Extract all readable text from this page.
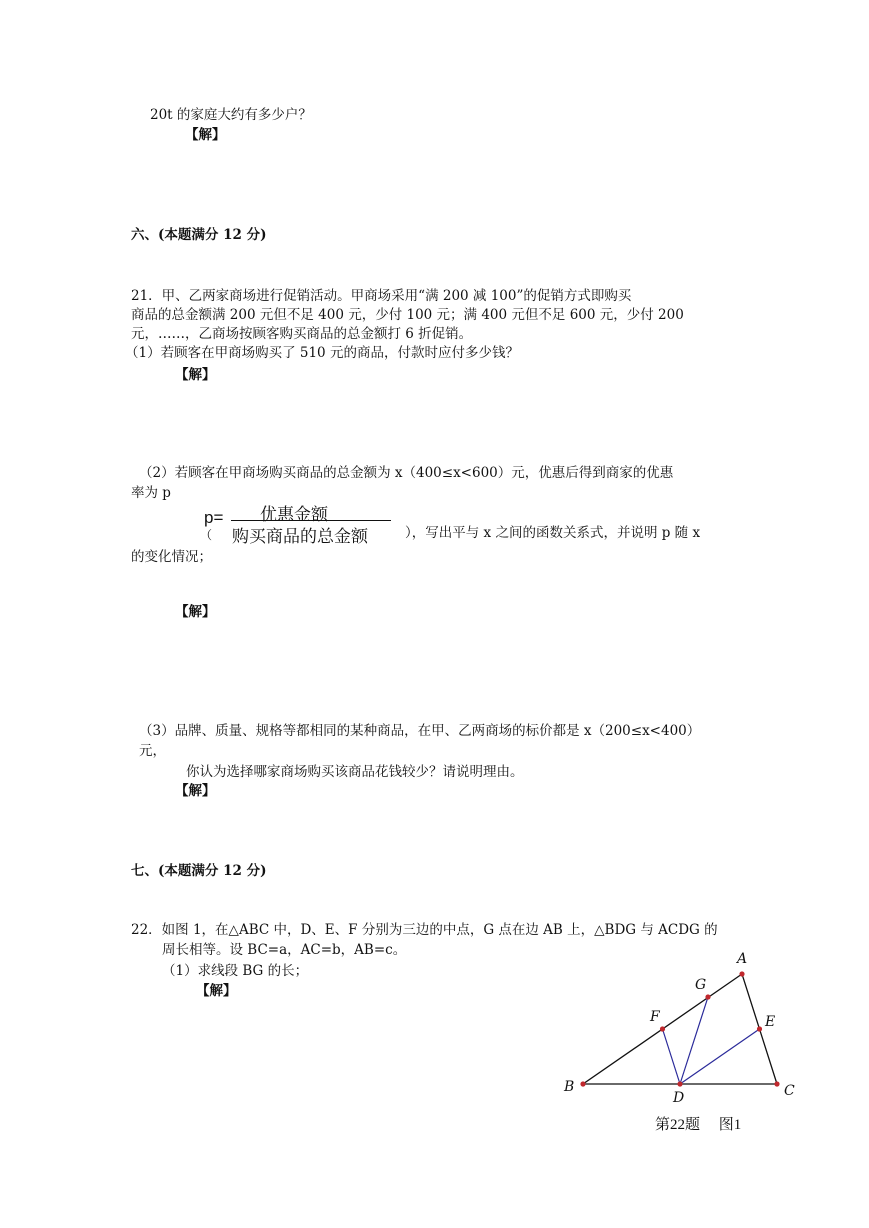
20t 的家庭大约有多少户？
【解】
六、(本题满分 12 分)
21．甲、乙两家商场进行促销活动。甲商场采用“满 200 减 100”的促销方式即购买
商品的总金额满 200 元但不足 400 元，少付 100 元；满 400 元但不足 600 元，少付 200
元，……，乙商场按顾客购买商品的总金额打 6 折促销。
（1）若顾客在甲商场购买了 510 元的商品，付款时应付多少钱？
【解】
（2）若顾客在甲商场购买商品的总金额为 x（400≤x<600）元，优惠后得到商家的优惠
率为 p
（
p= 优惠金额
购买商品的总金额	），写出平与 x 之间的函数关系式，并说明 p 随 x
的变化情况；
【解】
（3）品牌、质量、规格等都相同的某种商品，在甲、乙两商场的标价都是 x（200≤x<400）
元，
你认为选择哪家商场购买该商品花钱较少？请说明理由。
【解】
七、(本题满分 12 分)
22．如图 1，在△ABC 中，D、E、F 分别为三边的中点，G 点在边 AB 上，△BDG 与 ACDG 的
周长相等。设 BC=a，AC=b，AB=c。
（1）求线段 BG 的长；
【解】
A
B	C
D
E
F
G
第22题　 图1
